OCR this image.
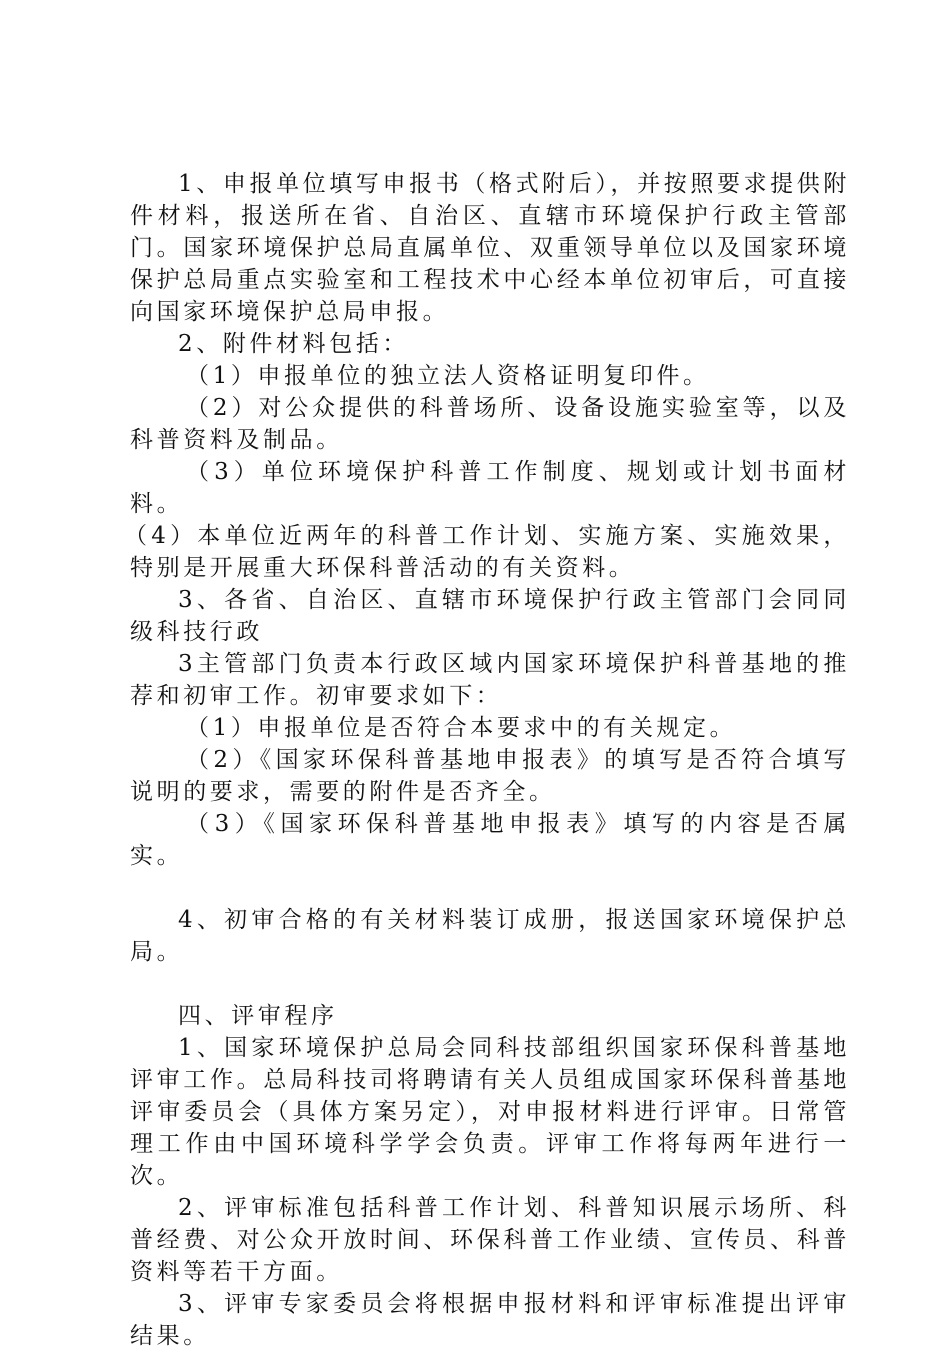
1、申报单位填写申报书（格式附后），并按照要求提供附件材料，报送所在省、自治区、直辖市环境保护行政主管部门。国家环境保护总局直属单位、双重领导单位以及国家环境保护总局重点实验室和工程技术中心经本单位初审后，可直接向国家环境保护总局申报。

2、附件材料包括：

（1）申报单位的独立法人资格证明复印件。

（2）对公众提供的科普场所、设备设施实验室等，以及科普资料及制品。

（3）单位环境保护科普工作制度、规划或计划书面材料。

（4）本单位近两年的科普工作计划、实施方案、实施效果，特别是开展重大环保科普活动的有关资料。

3、各省、自治区、直辖市环境保护行政主管部门会同同级科技行政

3主管部门负责本行政区域内国家环境保护科普基地的推荐和初审工作。初审要求如下：

（1）申报单位是否符合本要求中的有关规定。

（2）《国家环保科普基地申报表》的填写是否符合填写说明的要求，需要的附件是否齐全。

（3）《国家环保科普基地申报表》填写的内容是否属实。

4、初审合格的有关材料装订成册，报送国家环境保护总局。

四、评审程序

1、国家环境保护总局会同科技部组织国家环保科普基地评审工作。总局科技司将聘请有关人员组成国家环保科普基地评审委员会（具体方案另定），对申报材料进行评审。日常管理工作由中国环境科学学会负责。评审工作将每两年进行一次。

2、评审标准包括科普工作计划、科普知识展示场所、科普经费、对公众开放时间、环保科普工作业绩、宣传员、科普资料等若干方面。

3、评审专家委员会将根据申报材料和评审标准提出评审结果。
